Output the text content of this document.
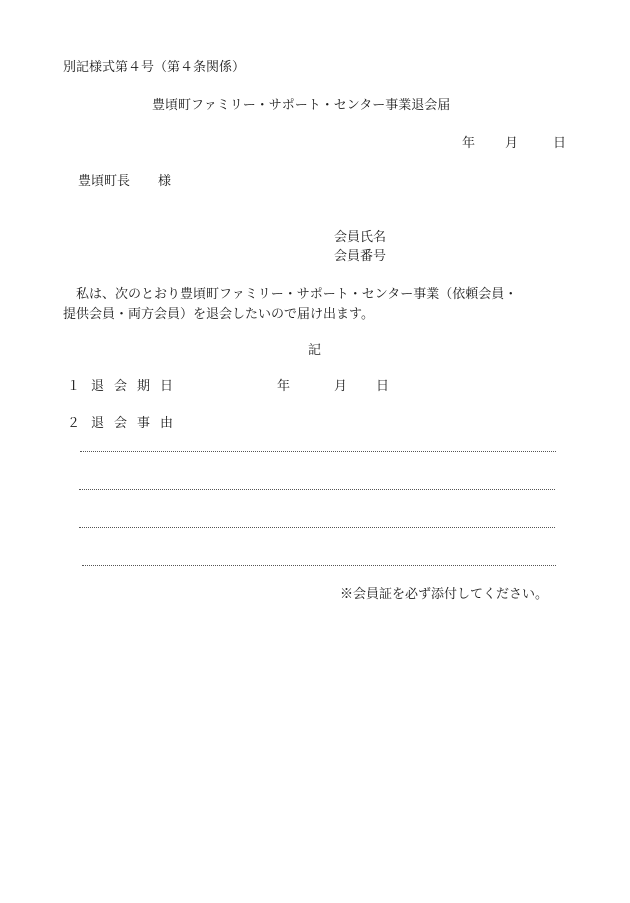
別記様式第４号（第４条関係）
豊頃町ファミリー・サポート・センター事業退会届
年 月	日
豊頃町長 様
会員氏名
会員番号
私は、次のとおり豊頃町ファミリー・サポート・センター事業（依頼会員・
提供会員・両方会員）を退会したいので届け出ます。
記
１ 退会期日	年	月 日
２ 退会事由
※会員証を必ず添付してください。
